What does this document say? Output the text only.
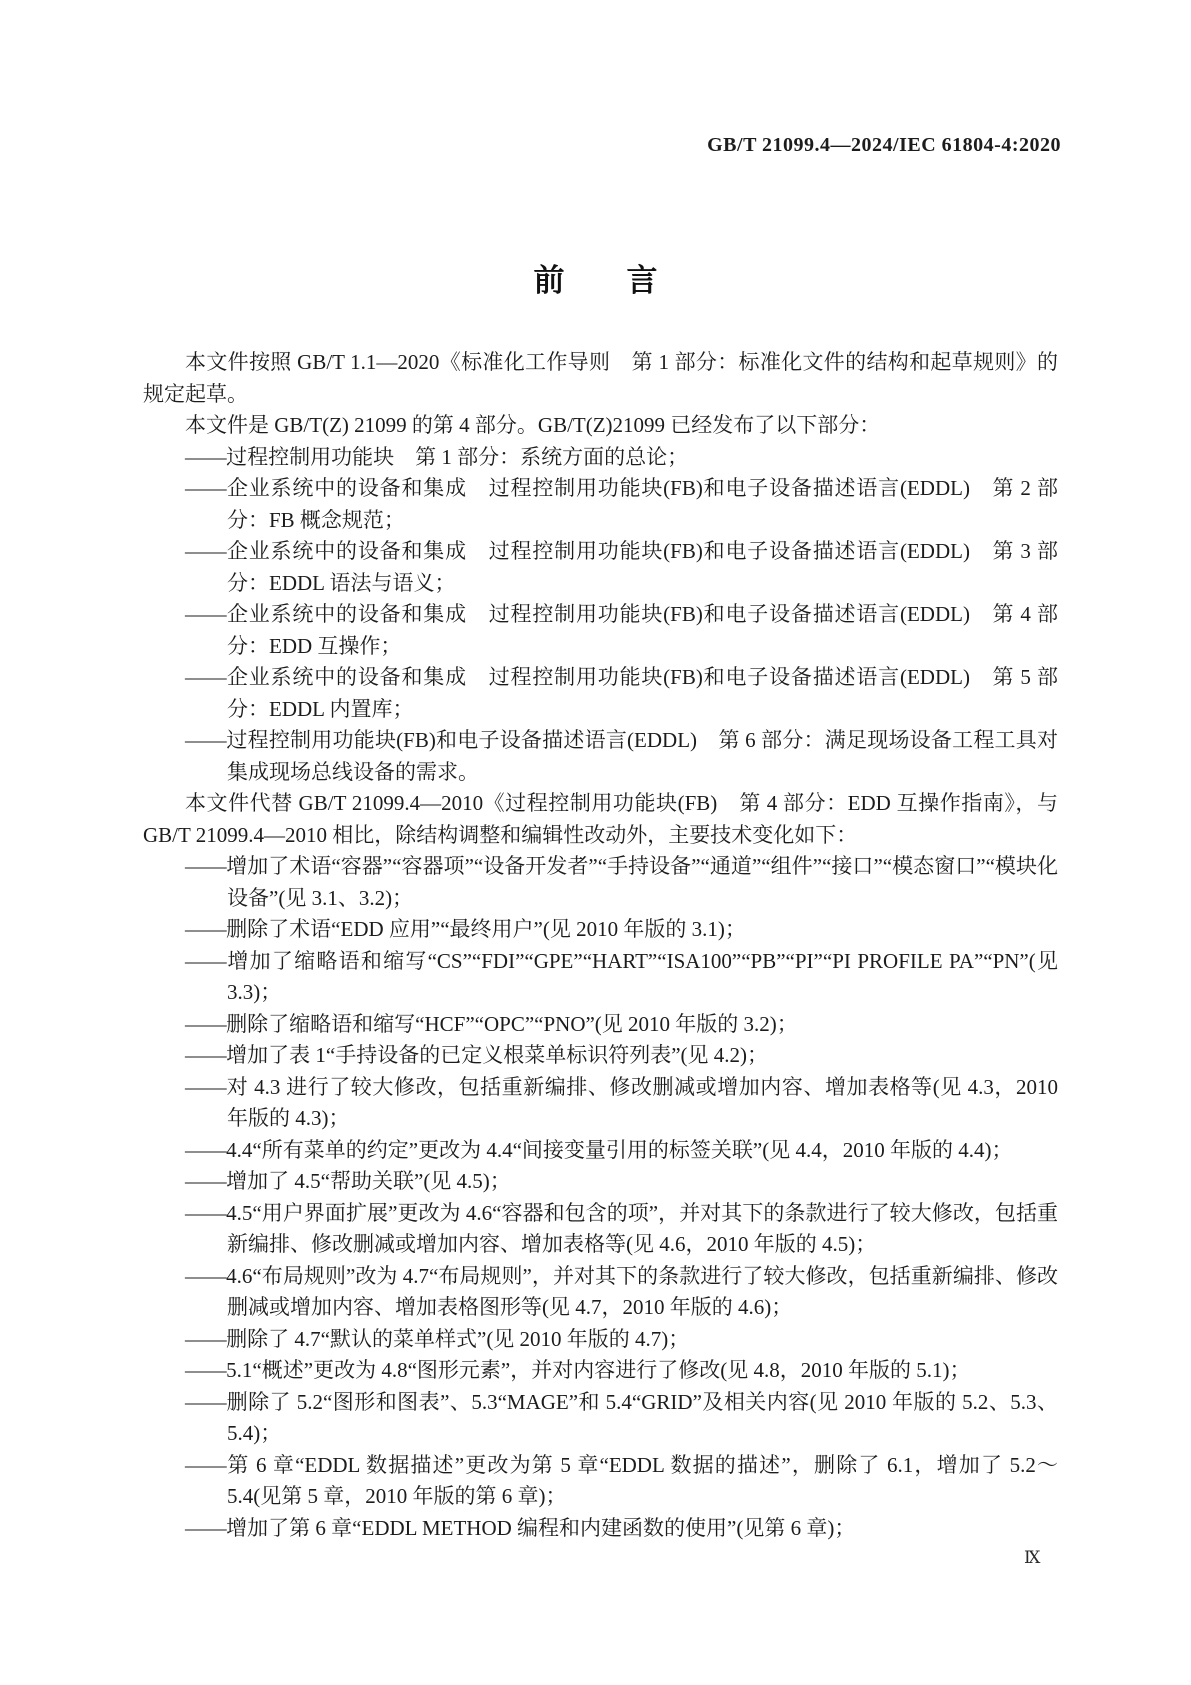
GB/T 21099.4—2024/IEC 61804-4:2020
前　　言

本文件按照 GB/T 1.1—2020《标准化工作导则　第 1 部分：标准化文件的结构和起草规则》的规定起草。

本文件是 GB/T(Z) 21099 的第 4 部分。GB/T(Z)21099 已经发布了以下部分：

——过程控制用功能块　第 1 部分：系统方面的总论；

——企业系统中的设备和集成　过程控制用功能块(FB)和电子设备描述语言(EDDL)　第 2 部分：FB 概念规范；

——企业系统中的设备和集成　过程控制用功能块(FB)和电子设备描述语言(EDDL)　第 3 部分：EDDL 语法与语义；

——企业系统中的设备和集成　过程控制用功能块(FB)和电子设备描述语言(EDDL)　第 4 部分：EDD 互操作；

——企业系统中的设备和集成　过程控制用功能块(FB)和电子设备描述语言(EDDL)　第 5 部分：EDDL 内置库；

——过程控制用功能块(FB)和电子设备描述语言(EDDL)　第 6 部分：满足现场设备工程工具对集成现场总线设备的需求。

本文件代替 GB/T 21099.4—2010《过程控制用功能块(FB)　第 4 部分：EDD 互操作指南》，与GB/T 21099.4—2010 相比，除结构调整和编辑性改动外，主要技术变化如下：

——增加了术语“容器”“容器项”“设备开发者”“手持设备”“通道”“组件”“接口”“模态窗口”“模块化设备”(见 3.1、3.2)；

——删除了术语“EDD 应用”“最终用户”(见 2010 年版的 3.1)；

——增加了缩略语和缩写“CS”“FDI”“GPE”“HART”“ISA100”“PB”“PI”“PI PROFILE PA”“PN”(见 3.3)；

——删除了缩略语和缩写“HCF”“OPC”“PNO”(见 2010 年版的 3.2)；

——增加了表 1“手持设备的已定义根菜单标识符列表”(见 4.2)；

——对 4.3 进行了较大修改，包括重新编排、修改删减或增加内容、增加表格等(见 4.3，2010 年版的 4.3)；

——4.4“所有菜单的约定”更改为 4.4“间接变量引用的标签关联”(见 4.4，2010 年版的 4.4)；

——增加了 4.5“帮助关联”(见 4.5)；

——4.5“用户界面扩展”更改为 4.6“容器和包含的项”，并对其下的条款进行了较大修改，包括重新编排、修改删减或增加内容、增加表格等(见 4.6，2010 年版的 4.5)；

——4.6“布局规则”改为 4.7“布局规则”，并对其下的条款进行了较大修改，包括重新编排、修改删减或增加内容、增加表格图形等(见 4.7，2010 年版的 4.6)；

——删除了 4.7“默认的菜单样式”(见 2010 年版的 4.7)；

——5.1“概述”更改为 4.8“图形元素”，并对内容进行了修改(见 4.8，2010 年版的 5.1)；

——删除了 5.2“图形和图表”、5.3“MAGE”和 5.4“GRID”及相关内容(见 2010 年版的 5.2、5.3、5.4)；

——第 6 章“EDDL 数据描述”更改为第 5 章“EDDL 数据的描述”，删除了 6.1，增加了 5.2～5.4(见第 5 章，2010 年版的第 6 章)；

——增加了第 6 章“EDDL METHOD 编程和内建函数的使用”(见第 6 章)；

Ⅸ
